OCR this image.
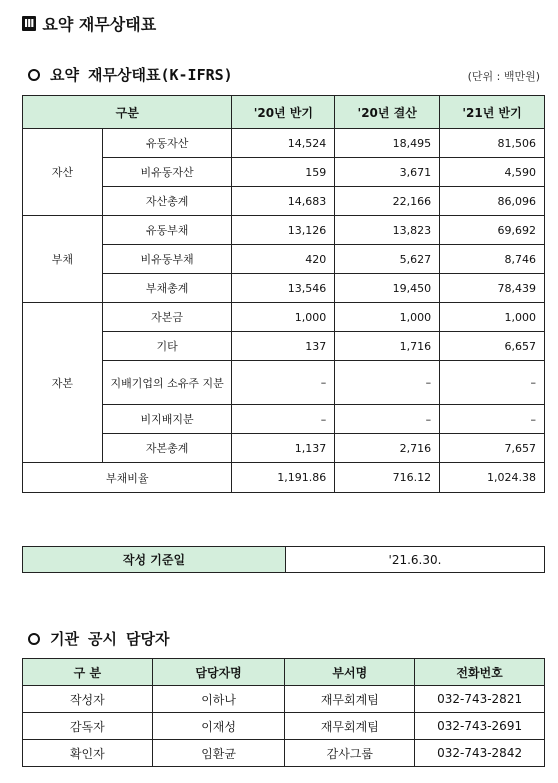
Ⅲ 요약 재무상태표
요약 재무상태표(K-IFRS)	(단위 : 백만원)
구분		'20년 반기	'20년 결산	'21년 반기
자산	유동자산	14,524	18,495	81,506
	비유동자산	159	3,671	4,590
	자산총계	14,683	22,166	86,096
부채	유동부채	13,126	13,823	69,692
	비유동부채	420	5,627	8,746
	부채총계	13,546	19,450	78,439
자본	자본금	1,000	1,000	1,000
	기타	137	1,716	6,657
	지배기업의 소유주 지분	–	–	–
	비지배지분	–	–	–
	자본총계	1,137	2,716	7,657
부채비율		1,191.86	716.12	1,024.38
작성 기준일	'21.6.30.
기관 공시 담당자
구 분	담당자명	부서명	전화번호
작성자	이하나	재무회계팀	032-743-2821
감독자	이재성	재무회계팀	032-743-2691
확인자	임환균	감사그룹	032-743-2842
